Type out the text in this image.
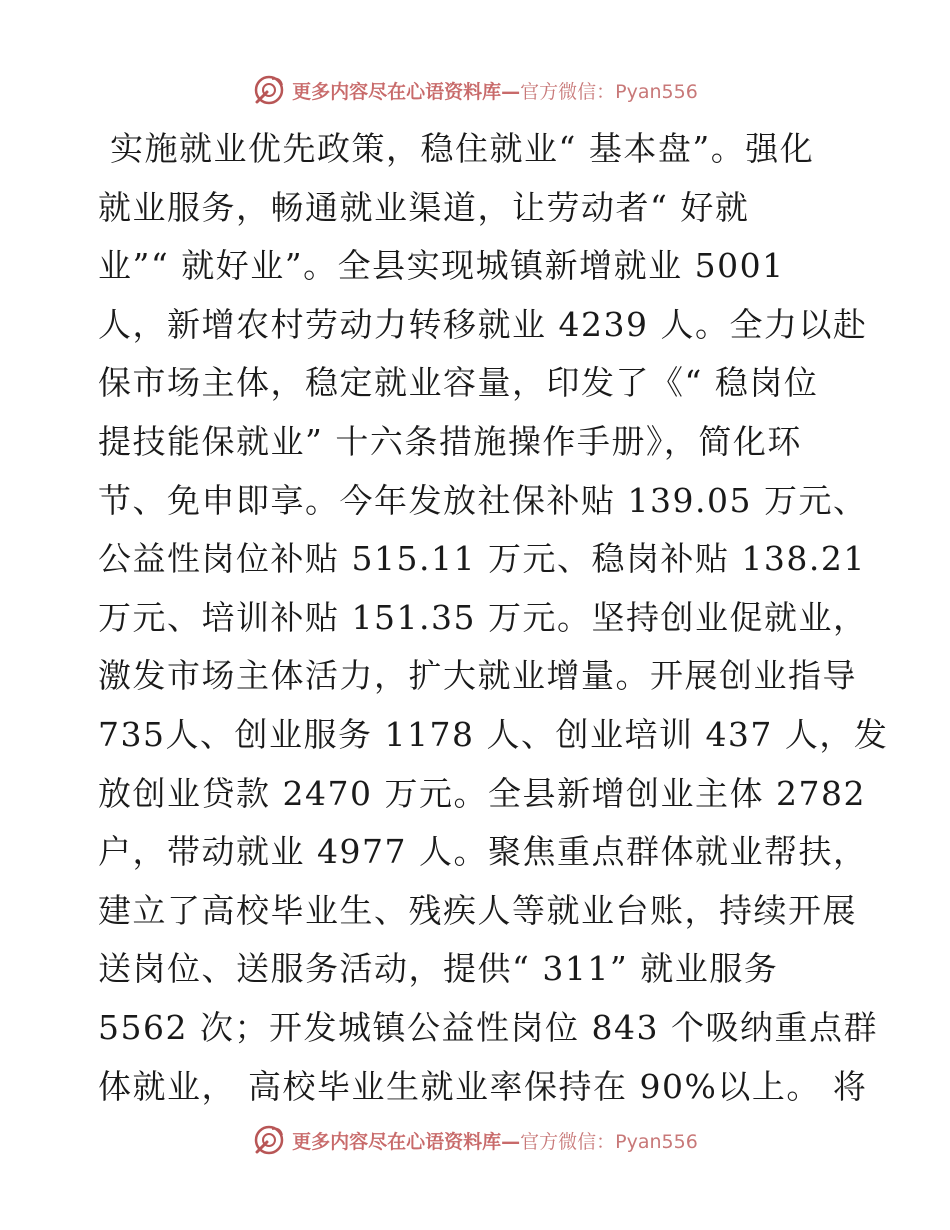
更多内容尽在心语资料库—官方微信：Pyan556
实施就业优先政策，稳住就业“ 基本盘”。强化
就业服务，畅通就业渠道，让劳动者“ 好就
业”“ 就好业”。全县实现城镇新增就业 5001
人，新增农村劳动力转移就业 4239 人。全力以赴
保市场主体，稳定就业容量，印发了《“ 稳岗位
提技能保就业” 十六条措施操作手册》，简化环
节、免申即享。今年发放社保补贴 139.05 万元、
公益性岗位补贴 515.11 万元、稳岗补贴 138.21
万元、培训补贴 151.35 万元。坚持创业促就业，
激发市场主体活力，扩大就业增量。开展创业指导
735人、创业服务 1178 人、创业培训 437 人，发
放创业贷款 2470 万元。全县新增创业主体 2782
户，带动就业 4977 人。聚焦重点群体就业帮扶，
建立了高校毕业生、残疾人等就业台账，持续开展
送岗位、送服务活动，提供“ 311” 就业服务
5562 次；开发城镇公益性岗位 843 个吸纳重点群
体就业， 高校毕业生就业率保持在 90%以上。 将
更多内容尽在心语资料库—官方微信：Pyan556
